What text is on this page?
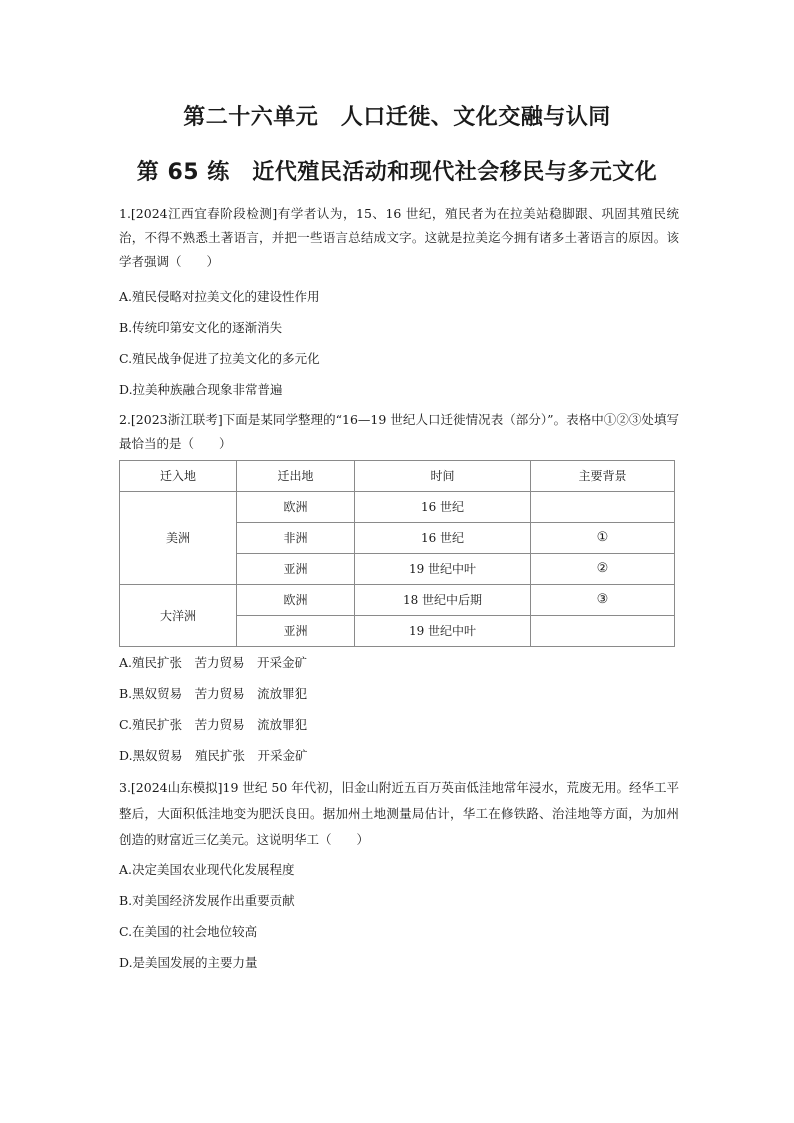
第二十六单元　人口迁徙、文化交融与认同
第 65 练　近代殖民活动和现代社会移民与多元文化

1.[2024江西宜春阶段检测]有学者认为，15、16 世纪，殖民者为在拉美站稳脚跟、巩固其殖民统治，不得不熟悉土著语言，并把一些语言总结成文字。这就是拉美迄今拥有诸多土著语言的原因。该学者强调（　　）

A.殖民侵略对拉美文化的建设性作用
B.传统印第安文化的逐渐消失
C.殖民战争促进了拉美文化的多元化
D.拉美种族融合现象非常普遍

2.[2023浙江联考]下面是某同学整理的“16—19 世纪人口迁徙情况表（部分）”。表格中①②③处填写最恰当的是（　　）

迁入地	迁出地	时间	主要背景
美洲	欧洲	16 世纪	
	非洲	16 世纪	①
	亚洲	19 世纪中叶	②
大洋洲	欧洲	18 世纪中后期	③
	亚洲	19 世纪中叶	
A.殖民扩张　苦力贸易　开采金矿
B.黑奴贸易　苦力贸易　流放罪犯
C.殖民扩张　苦力贸易　流放罪犯
D.黑奴贸易　殖民扩张　开采金矿

3.[2024山东模拟]19 世纪 50 年代初，旧金山附近五百万英亩低洼地常年浸水，荒废无用。经华工平整后，大面积低洼地变为肥沃良田。据加州土地测量局估计，华工在修铁路、治洼地等方面，为加州创造的财富近三亿美元。这说明华工（　　）

A.决定美国农业现代化发展程度
B.对美国经济发展作出重要贡献
C.在美国的社会地位较高
D.是美国发展的主要力量
